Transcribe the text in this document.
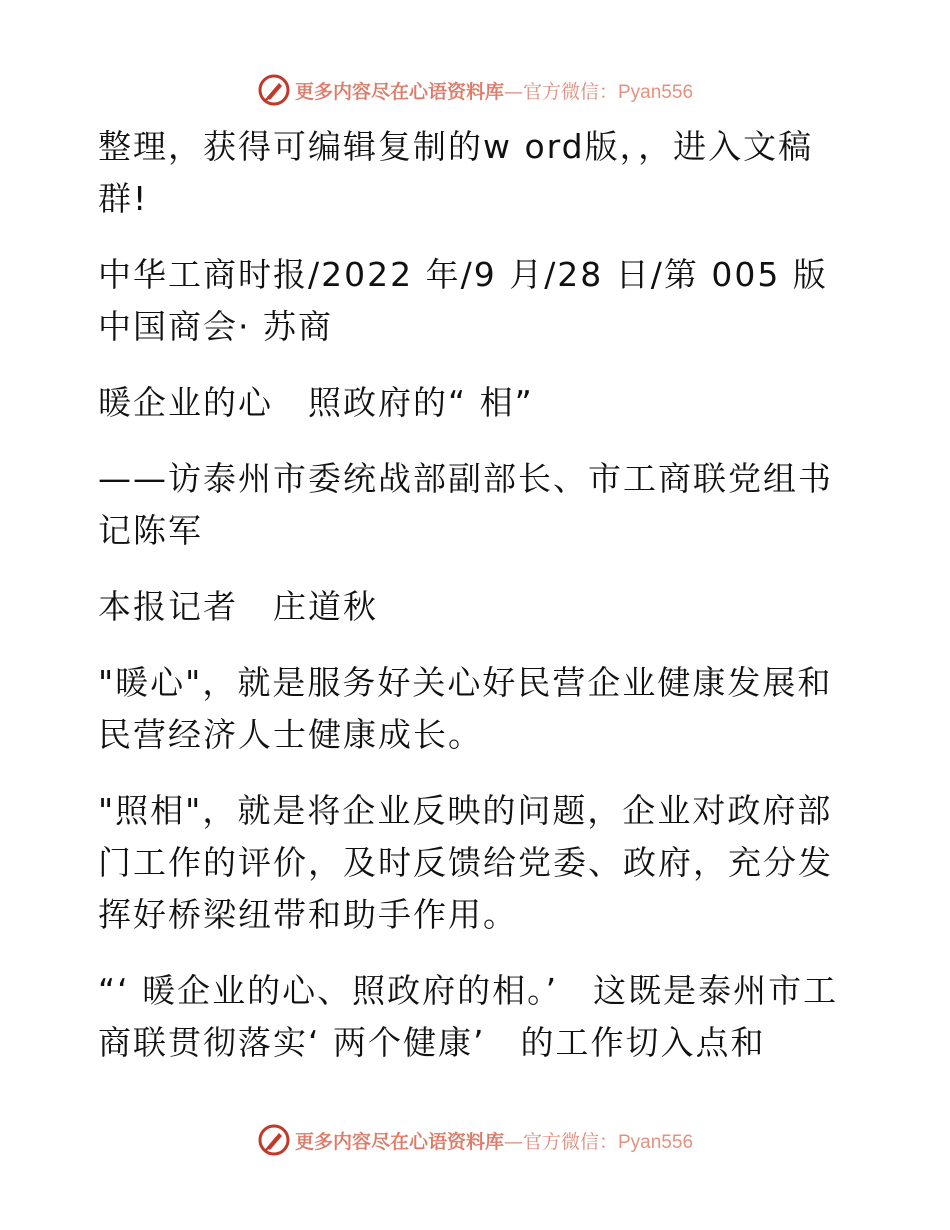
更多内容尽在心语资料库—官方微信：Pyan556

整理，获得可编辑复制的w ord版，，进入文稿群!

中华工商时报/2022 年/9 月/28 日/第 005 版中国商会· 苏商

暖企业的心　照政府的“ 相”

——访泰州市委统战部副部长、市工商联党组书记陈军

本报记者　庄道秋

"暖心"，就是服务好关心好民营企业健康发展和民营经济人士健康成长。

"照相"，就是将企业反映的问题，企业对政府部门工作的评价，及时反馈给党委、政府，充分发挥好桥梁纽带和助手作用。

“‘ 暖企业的心、照政府的相。’　这既是泰州市工商联贯彻落实‘ 两个健康’　的工作切入点和

更多内容尽在心语资料库—官方微信：Pyan556
